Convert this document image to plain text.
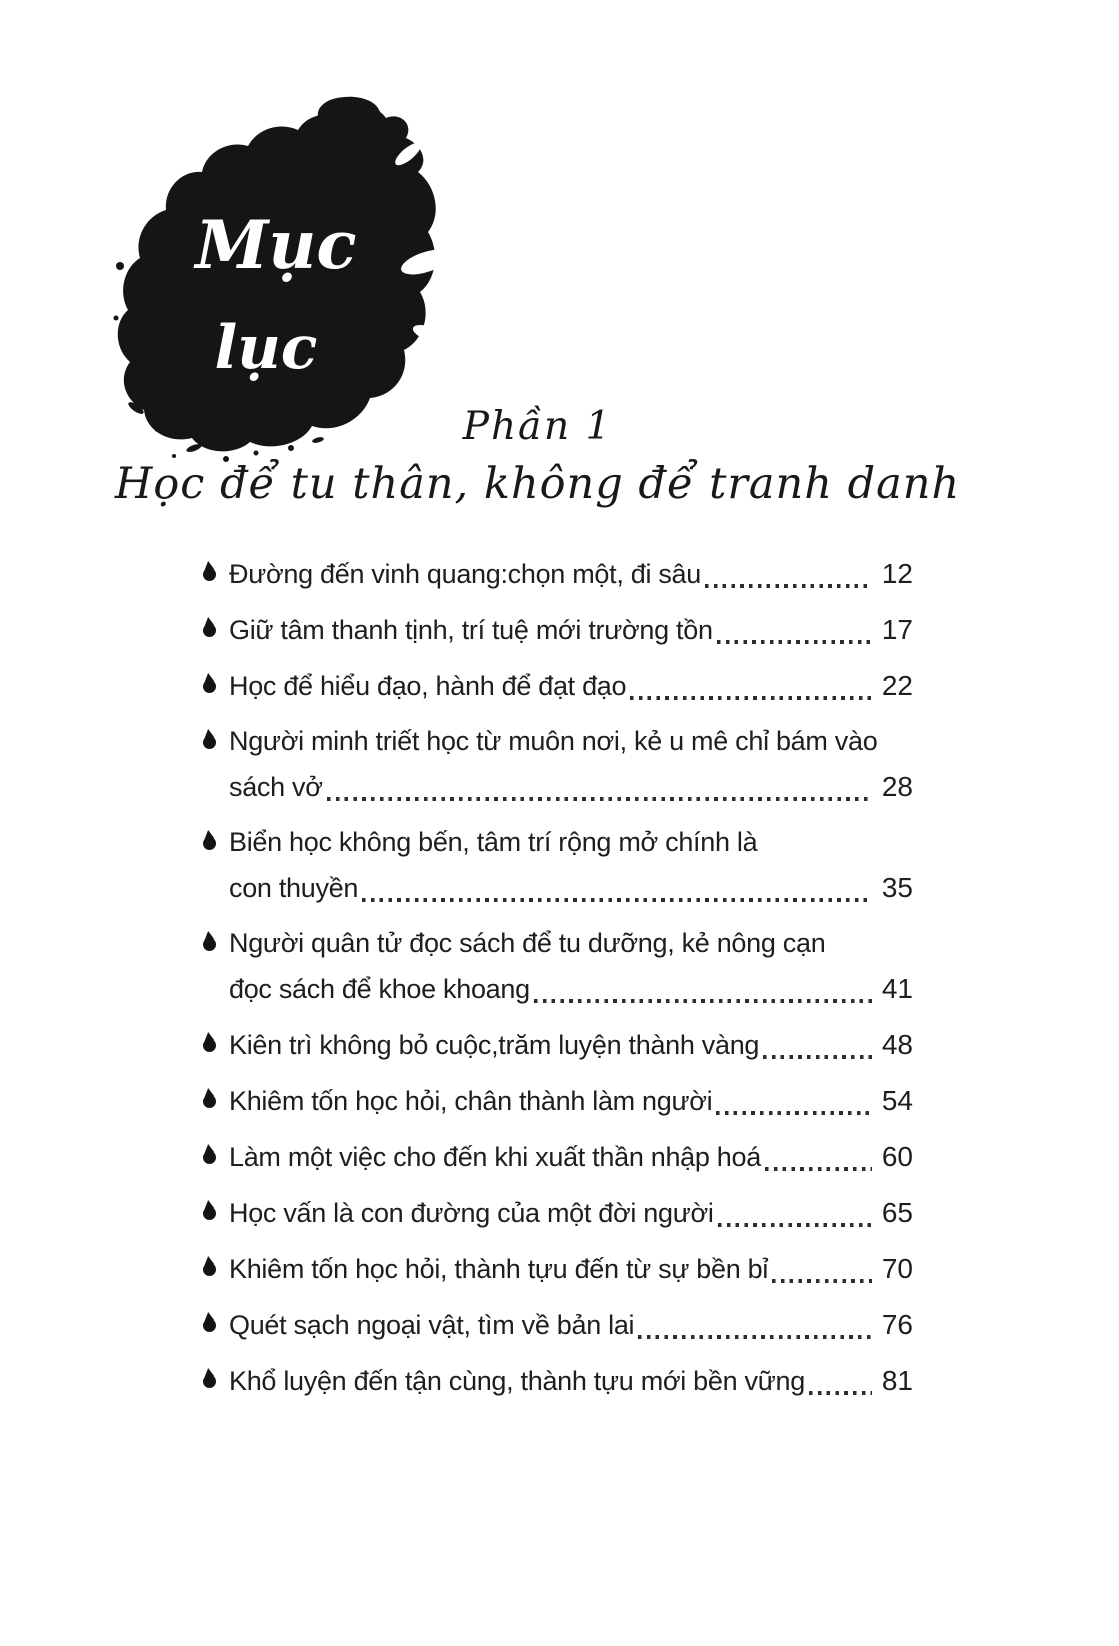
Mục
lục
Phần 1
Học để tu thân, không để tranh danh
Đường đến vinh quang:chọn một, đi sâu	12
Giữ tâm thanh tịnh, trí tuệ mới trường tồn	17
Học để hiểu đạo, hành để đạt đạo	22
Người minh triết học từ muôn nơi, kẻ u mê chỉ bám vào
sách vở	28
Biển học không bến, tâm trí rộng mở chính là
con thuyền	35
Người quân tử đọc sách để tu dưỡng, kẻ nông cạn
đọc sách để khoe khoang	41
Kiên trì không bỏ cuộc,trăm luyện thành vàng	48
Khiêm tốn học hỏi, chân thành làm người	54
Làm một việc cho đến khi xuất thần nhập hoá	60
Học vấn là con đường của một đời người	65
Khiêm tốn học hỏi, thành tựu đến từ sự bền bỉ	70
Quét sạch ngoại vật, tìm về bản lai	76
Khổ luyện đến tận cùng, thành tựu mới bền vững	81
